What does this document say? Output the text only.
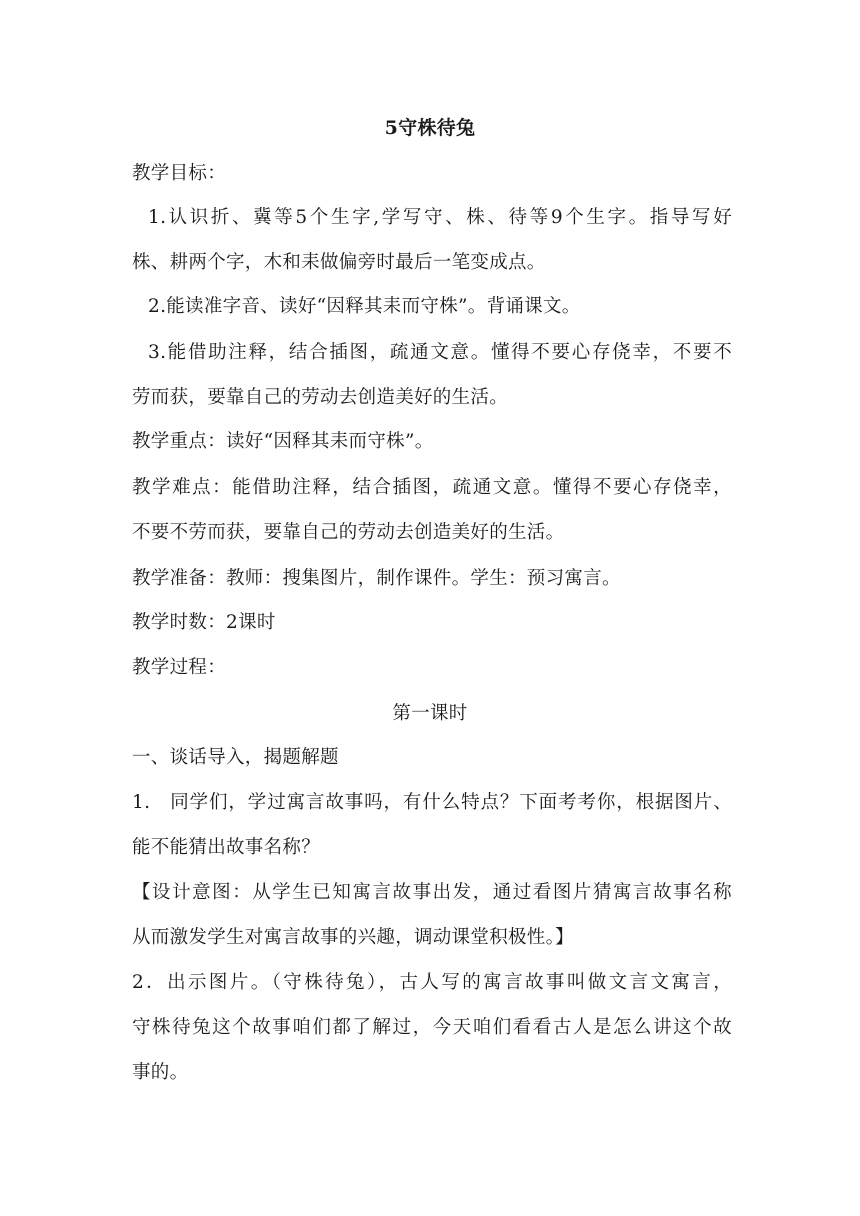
5守株待兔
教学目标：
1.认识折、冀等5个生字,学写守、株、待等9个生字。指导写好
株、耕两个字，木和耒做偏旁时最后一笔变成点。
2.能读准字音、读好“因释其耒而守株”。背诵课文。
3.能借助注释，结合插图，疏通文意。懂得不要心存侥幸，不要不
劳而获，要靠自己的劳动去创造美好的生活。
教学重点：读好“因释其耒而守株”。
教学难点：能借助注释，结合插图，疏通文意。懂得不要心存侥幸，
不要不劳而获，要靠自己的劳动去创造美好的生活。
教学准备：教师：搜集图片，制作课件。学生：预习寓言。
教学时数：2课时
教学过程：
第一课时
一、谈话导入，揭题解题
1.　同学们，学过寓言故事吗，有什么特点？下面考考你，根据图片、
能不能猜出故事名称？
【设计意图：从学生已知寓言故事出发，通过看图片猜寓言故事名称
从而激发学生对寓言故事的兴趣，调动课堂积极性。】
2．出示图片。（守株待兔），古人写的寓言故事叫做文言文寓言，
守株待兔这个故事咱们都了解过，今天咱们看看古人是怎么讲这个故
事的。
